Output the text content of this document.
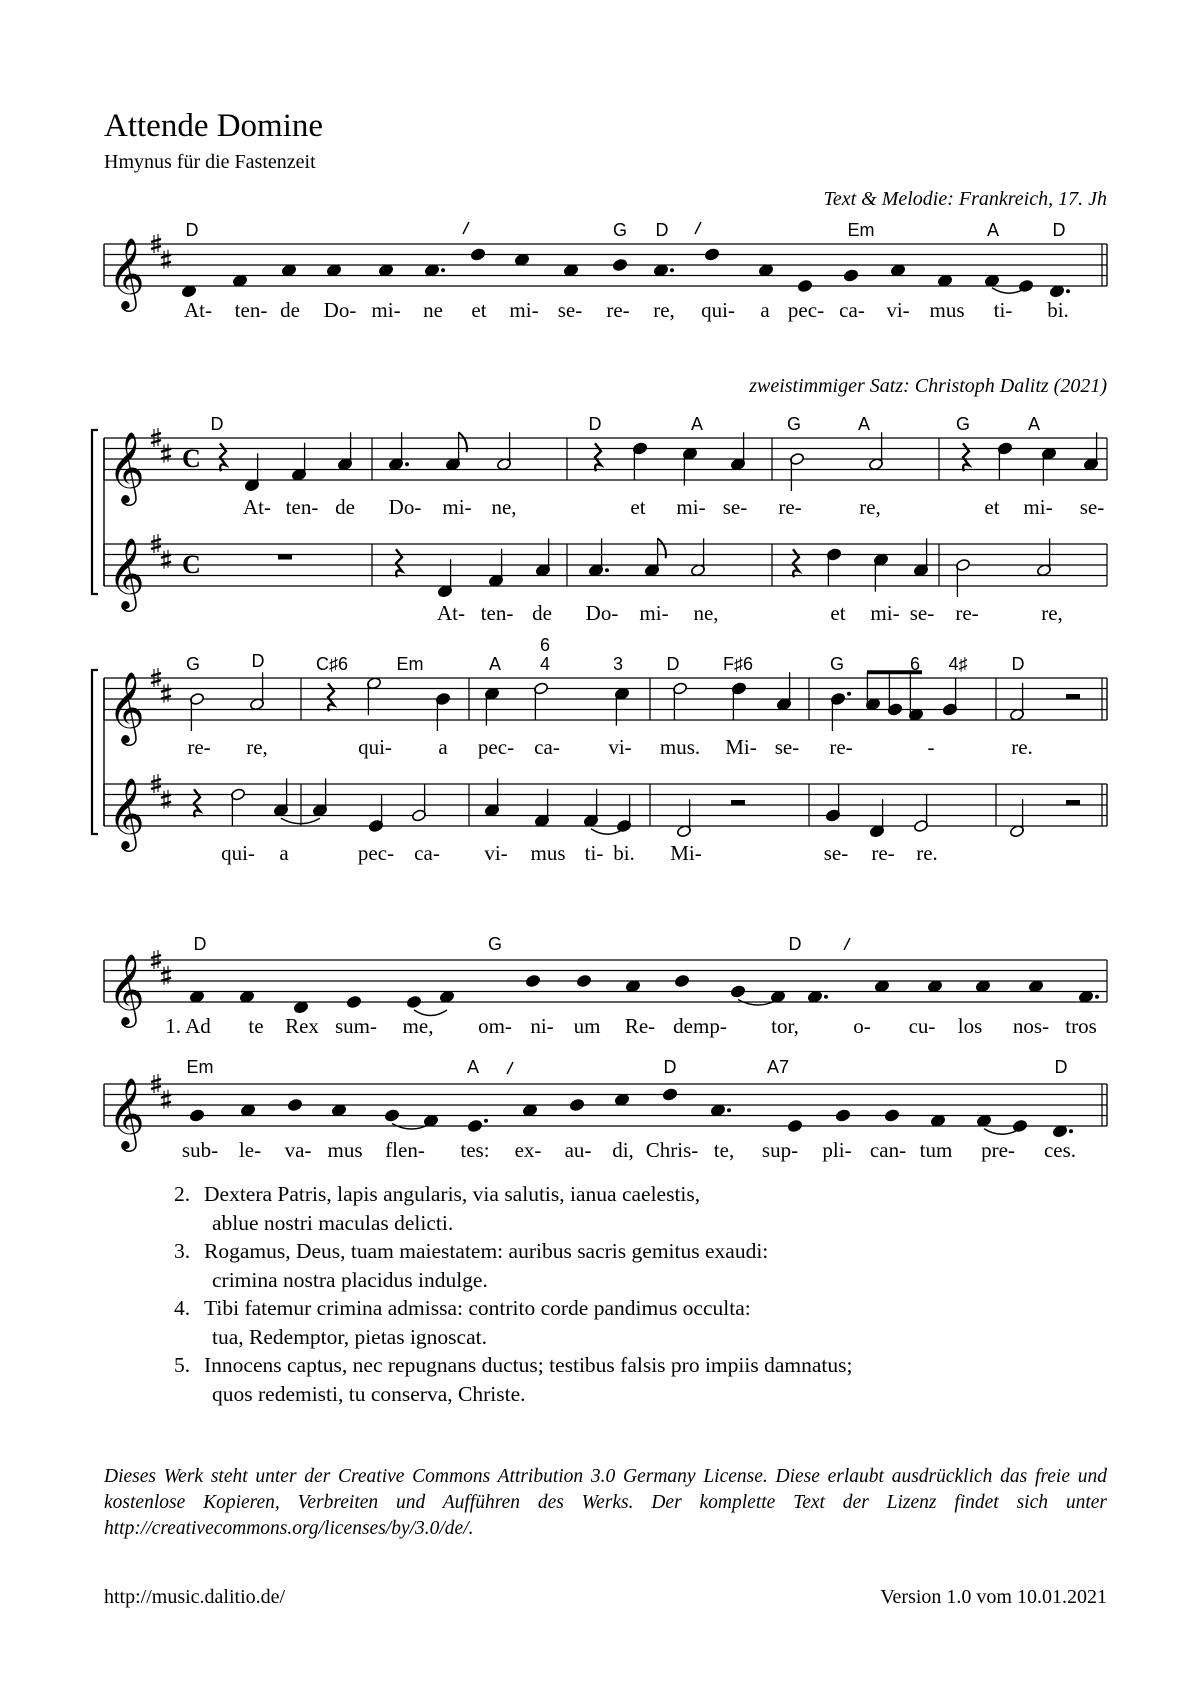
Attende Domine
Hmynus für die Fastenzeit
Text & Melodie: Frankreich, 17. Jh
zweistimmiger Satz: Christoph Dalitz (2021)
𝄞
D	G D	Em	A	D
At- ten- de Do- mi- ne et mi- se- re- re, qui- a pec- ca- vi- mus ti- bi.
𝄞 C
𝄞 C
D	D	A	G	A	G	A
At- ten- de Do- mi- ne,	et mi- se- re-	re,	et mi- se-
At- ten- de Do- mi- ne,	et mi- se- re-	re,
𝄞
𝄞
G	D	C♯6	Em	A
6
4	3 D F♯6	G	6 4♯ D
re- re,	qui- a pec- ca- vi- mus. Mi- se- re-	-	re.
qui- a	pec- ca- vi- mus ti- bi. Mi-	se- re- re.
𝄞
D	G	D
1. Ad te Rex sum- me, om- ni- um Re- demp- tor,	o- cu- los nos- tros
𝄞
Em	A	D	A7	D
sub- le- va- mus flen- tes: ex- au- di, Chris- te, sup- pli- can- tum pre- ces.
2. Dextera Patris, lapis angularis, via salutis, ianua caelestis,
ablue nostri maculas delicti.
3. Rogamus, Deus, tuam maiestatem: auribus sacris gemitus exaudi:
crimina nostra placidus indulge.
4. Tibi fatemur crimina admissa: contrito corde pandimus occulta:
tua, Redemptor, pietas ignoscat.
5. Innocens captus, nec repugnans ductus; testibus falsis pro impiis damnatus;
quos redemisti, tu conserva, Christe.
Dieses Werk steht unter der Creative Commons Attribution 3.0 Germany License. Diese erlaubt ausdrücklich das freie und kostenlose Kopieren, Verbreiten und Aufführen des Werks. Der komplette Text der Lizenz findet sich unter http://creativecommons.org/licenses/by/3.0/de/.
http://music.dalitio.de/	Version 1.0 vom 10.01.2021
